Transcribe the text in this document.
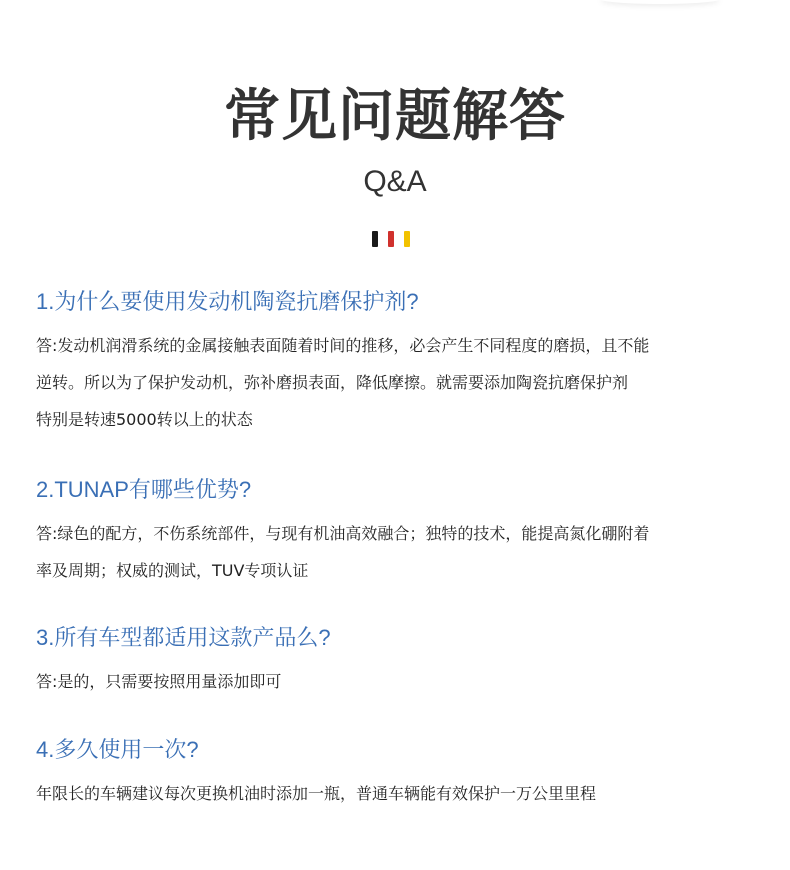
常见问题解答
Q&A
1.为什么要使用发动机陶瓷抗磨保护剂?
答:发动机润滑系统的金属接触表面随着时间的推移，必会产生不同程度的磨损，且不能
逆转。所以为了保护发动机，弥补磨损表面，降低摩擦。就需要添加陶瓷抗磨保护剂
特别是转速5000转以上的状态
2.TUNAP有哪些优势?
答:绿色的配方，不伤系统部件，与现有机油高效融合；独特的技术，能提高氮化硼附着
率及周期；权威的测试，TUV专项认证
3.所有车型都适用这款产品么?
答:是的，只需要按照用量添加即可
4.多久使用一次?
年限长的车辆建议每次更换机油时添加一瓶，普通车辆能有效保护一万公里里程
